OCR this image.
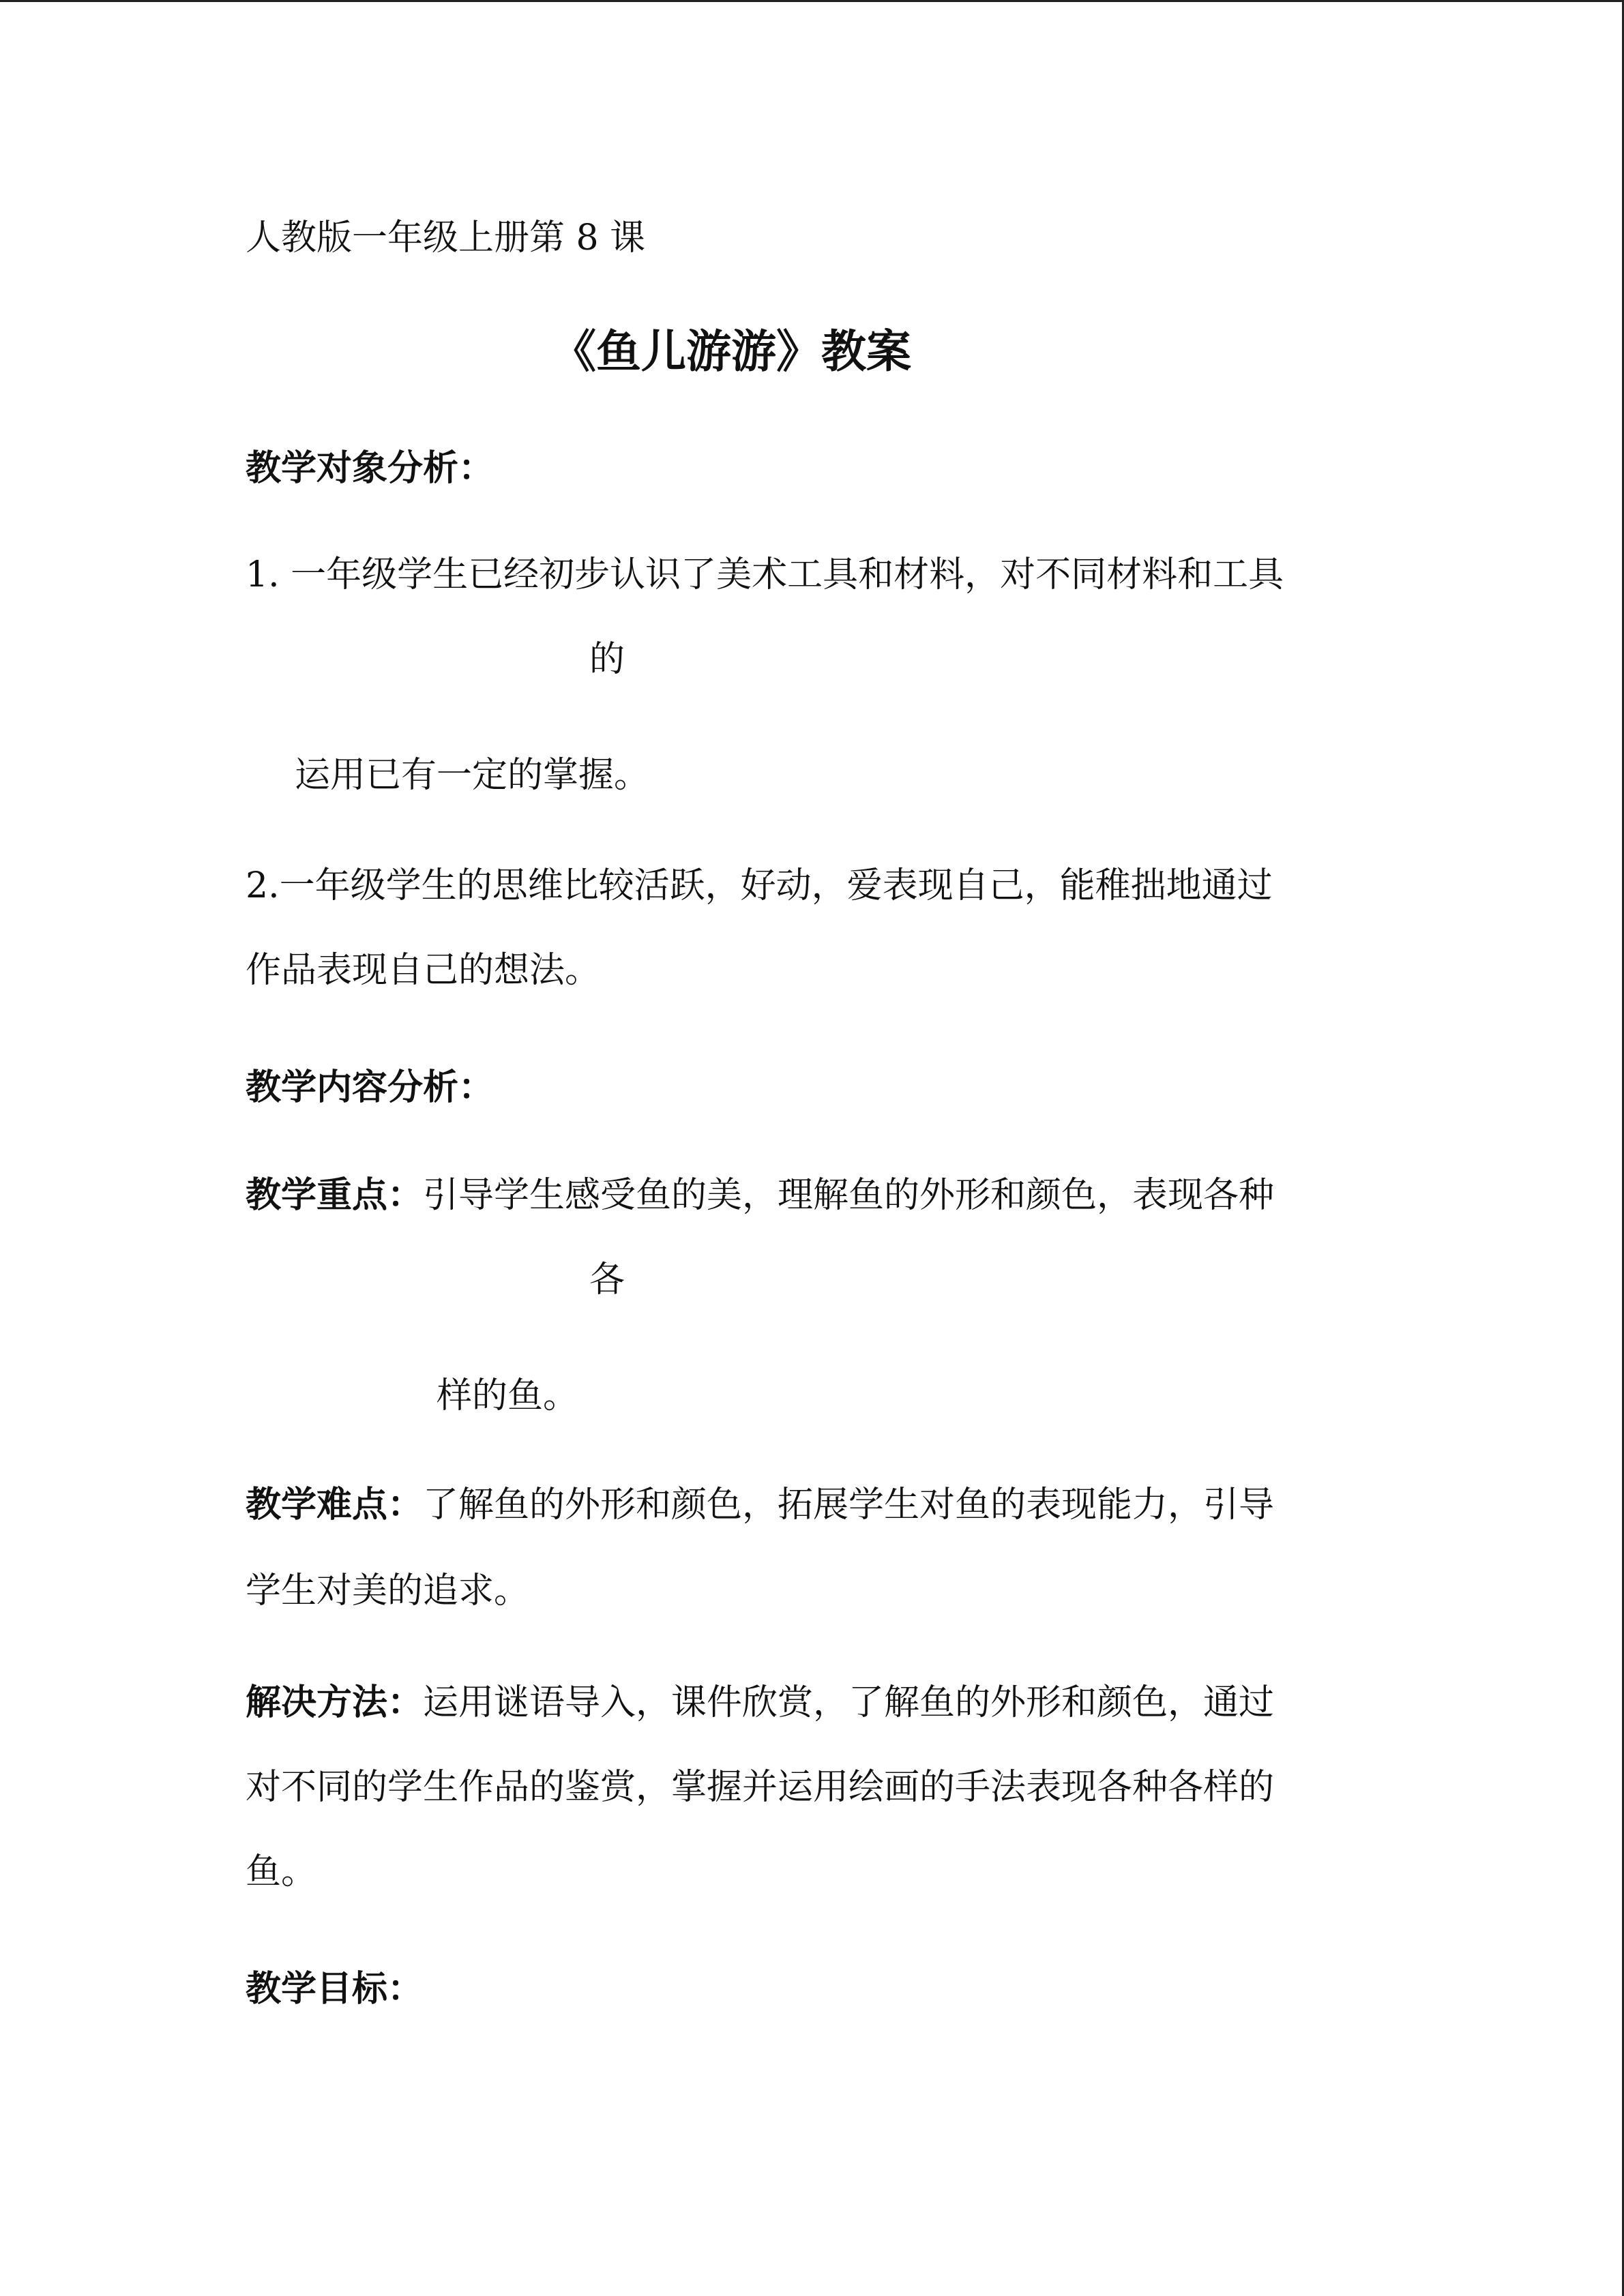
人教版一年级上册第 8 课
《鱼儿游游》教案
教学对象分析：
1. 一年级学生已经初步认识了美术工具和材料，对不同材料和工具
的
运用已有一定的掌握。
2.一年级学生的思维比较活跃，好动，爱表现自己，能稚拙地通过
作品表现自己的想法。
教学内容分析：
教学重点：引导学生感受鱼的美，理解鱼的外形和颜色，表现各种
各
样的鱼。
教学难点：了解鱼的外形和颜色，拓展学生对鱼的表现能力，引导
学生对美的追求。
解决方法：运用谜语导入，课件欣赏，了解鱼的外形和颜色，通过
对不同的学生作品的鉴赏，掌握并运用绘画的手法表现各种各样的
鱼。
教学目标：
